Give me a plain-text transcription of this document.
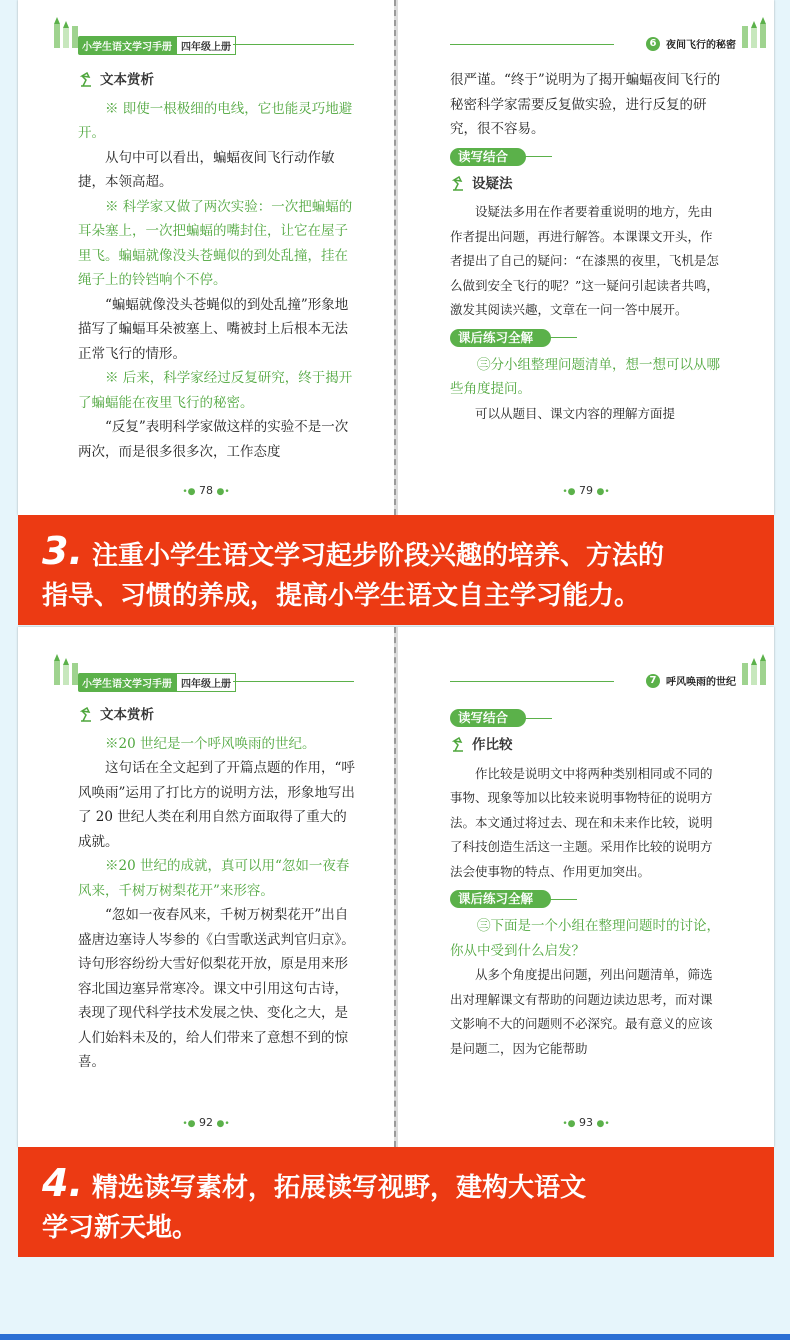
小学生语文学习手册 四年级上册
文本赏析

※ 即使一根极细的电线，它也能灵巧地避开。

从句中可以看出，蝙蝠夜间飞行动作敏捷，本领高超。

※ 科学家又做了两次实验：一次把蝙蝠的耳朵塞上，一次把蝙蝠的嘴封住，让它在屋子里飞。蝙蝠就像没头苍蝇似的到处乱撞，挂在绳子上的铃铛响个不停。

“蝙蝠就像没头苍蝇似的到处乱撞”形象地描写了蝙蝠耳朵被塞上、嘴被封上后根本无法正常飞行的情形。

※ 后来，科学家经过反复研究，终于揭开了蝙蝠能在夜里飞行的秘密。

“反复”表明科学家做这样的实验不是一次两次，而是很多很多次，工作态度

•● 78 ●•
6 夜间飞行的秘密

很严谨。“终于”说明为了揭开蝙蝠夜间飞行的秘密科学家需要反复做实验，进行反复的研究，很不容易。

读写结合
设疑法

设疑法多用在作者要着重说明的地方，先由作者提出问题，再进行解答。本课课文开头，作者提出了自己的疑问：“在漆黑的夜里，飞机是怎么做到安全飞行的呢？”这一疑问引起读者共鸣，激发其阅读兴趣，文章在一问一答中展开。

课后练习全解

㊂分小组整理问题清单，想一想可以从哪些角度提问。

可以从题目、课文内容的理解方面提

•● 79 ●•
3. 注重小学生语文学习起步阶段兴趣的培养、方法的
指导、习惯的养成，提高小学生语文自主学习能力。
小学生语文学习手册 四年级上册
文本赏析

※20 世纪是一个呼风唤雨的世纪。

这句话在全文起到了开篇点题的作用，“呼风唤雨”运用了打比方的说明方法，形象地写出了 20 世纪人类在利用自然方面取得了重大的成就。

※20 世纪的成就，真可以用“忽如一夜春风来，千树万树梨花开”来形容。

“忽如一夜春风来，千树万树梨花开”出自盛唐边塞诗人岑参的《白雪歌送武判官归京》。诗句形容纷纷大雪好似梨花开放，原是用来形容北国边塞异常寒冷。课文中引用这句古诗，表现了现代科学技术发展之快、变化之大，是人们始料未及的，给人们带来了意想不到的惊喜。

•● 92 ●•
7 呼风唤雨的世纪
读写结合
作比较

作比较是说明文中将两种类别相同或不同的事物、现象等加以比较来说明事物特征的说明方法。本文通过将过去、现在和未来作比较，说明了科技创造生活这一主题。采用作比较的说明方法会使事物的特点、作用更加突出。

课后练习全解

㊂下面是一个小组在整理问题时的讨论，你从中受到什么启发？

从多个角度提出问题，列出问题清单，筛选出对理解课文有帮助的问题边读边思考，而对课文影响不大的问题则不必深究。最有意义的应该是问题二，因为它能帮助

•● 93 ●•
4. 精选读写素材，拓展读写视野，建构大语文
学习新天地。
